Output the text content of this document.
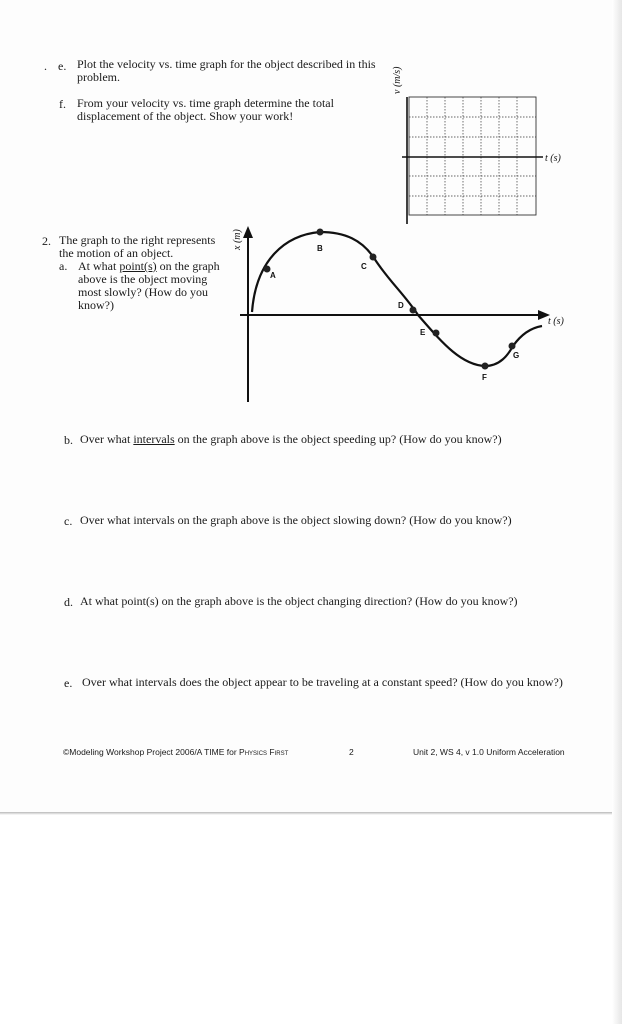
. e. Plot the velocity vs. time graph for the object described in this
problem.
f. From your velocity vs. time graph determine the total
displacement of the object. Show your work!
v (m/s)
t (s)
2. The graph to the right represents
the motion of an object.
a. At what point(s) on the graph
above is the object moving
most slowly? (How do you
know?)
x (m)
t (s)
A
B
C
D
E
F
G
b. Over what intervals on the graph above is the object speeding up? (How do you know?)
c. Over what intervals on the graph above is the object slowing down? (How do you know?)
d. At what point(s) on the graph above is the object changing direction? (How do you know?)
e. Over what intervals does the object appear to be traveling at a constant speed? (How do you know?)
©Modeling Workshop Project 2006/A TIME for Physics First	2	Unit 2, WS 4, v 1.0 Uniform Acceleration
